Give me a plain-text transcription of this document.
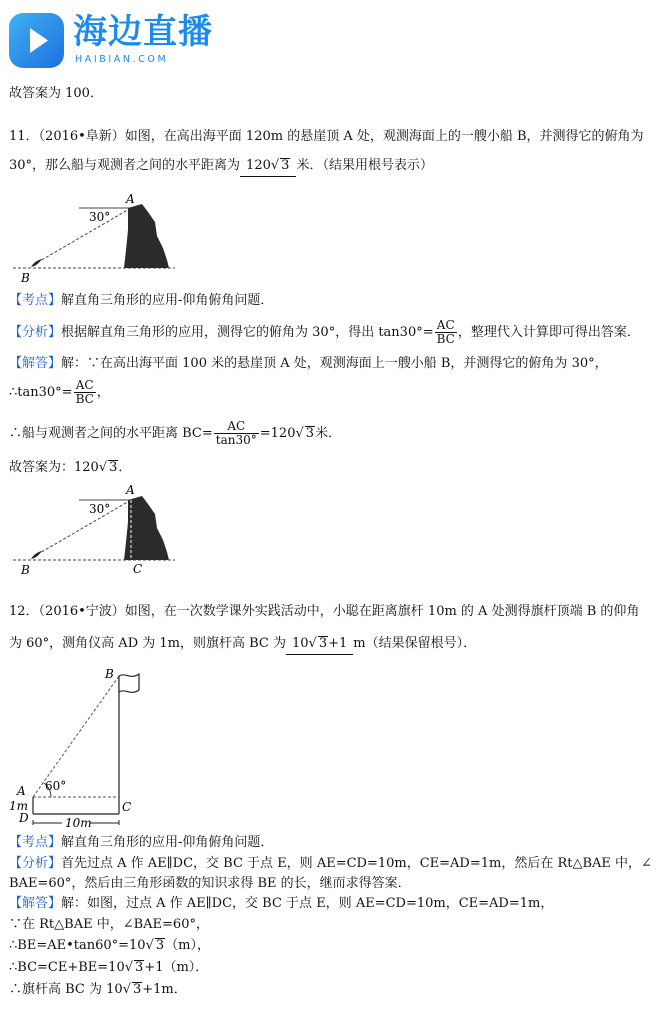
海边直播
HAIBIAN.COM
故答案为 100．
11．（2016•阜新）如图，在高出海平面 120m 的悬崖顶 A 处，观测海面上的一艘小船 B，并测得它的俯角为
30°，那么船与观测者之间的水平距离为 120√ 3 米．（结果用根号表示）
30°
A
B
【考点】解直角三角形的应用-仰角俯角问题．
【分析】根据解直角三角形的应用，测得它的俯角为 30°，得出 $\tan 30^\circ= \frac{AC}{BC}$ ，整理代入计算即可得出答案．
【解答】解：∵在高出海平面 100 米的悬崖顶 A 处，观测海面上一艘小船 B，并测得它的俯角为 30°，
∴tan30°= $\frac{AC}{BC}$ ，
∴船与观测者之间的水平距离 $BC= \frac{AC}{\tan 30^\circ} =120√$ 3米．
故答案为：120√ 3．
30°
A
B	C
12．（2016•宁波）如图，在一次数学课外实践活动中，小聪在距离旗杆 10m 的 A 处测得旗杆顶端 B 的仰角
为 60°，测角仪高 AD 为 1m，则旗杆高 BC 为 10√ 3+1 m（结果保留根号）．
B
A 60°
1m
D
C
10m
【考点】解直角三角形的应用-仰角俯角问题．
【分析】首先过点 A 作 AE∥DC，交 BC 于点 E，则 AE=CD=10m，CE=AD=1m，然后在 Rt△BAE 中，∠
BAE=60°，然后由三角形函数的知识求得 BE 的长，继而求得答案．
【解答】解：如图，过点 A 作 AE∥DC，交 BC 于点 E，则 AE=CD=10m，CE=AD=1m，
∵在 Rt△BAE 中，∠BAE=60°，
∴BE=AE•tan60°=10√ 3（m），
∴BC=CE+BE=10√ 3+1（m）．
∴旗杆高 BC 为 10√ 3+1m．
